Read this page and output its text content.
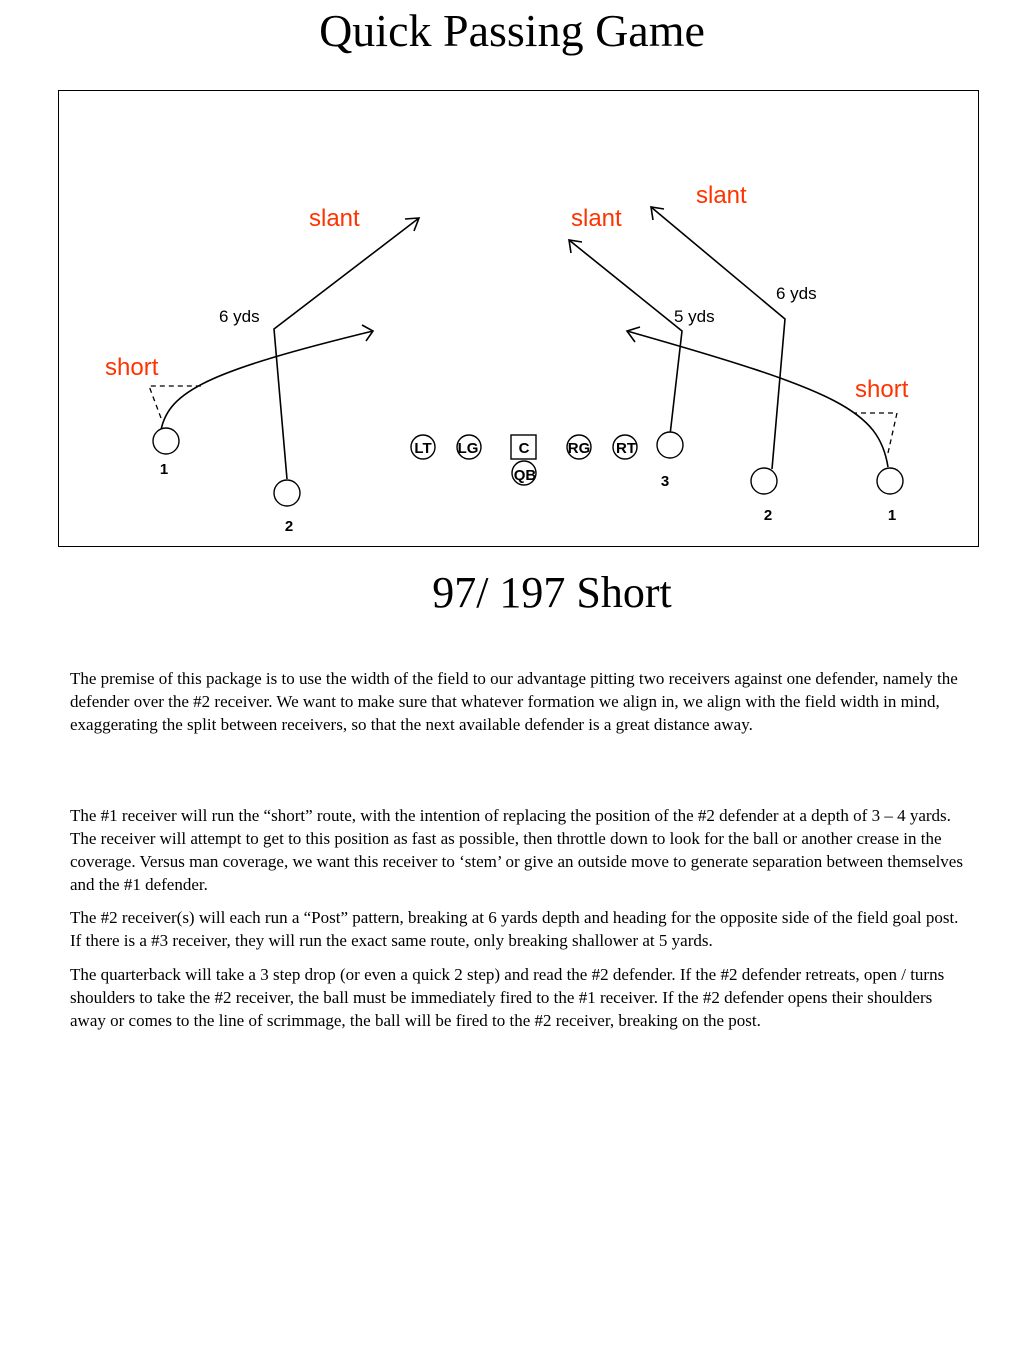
Quick Passing Game
LT LG	C	RG RT
QB
1
2
3
2	1
6 yds	5 yds
6 yds
slant	slant
slant
short
short
97/ 197 Short

The premise of this package is to use the width of the field to our advantage pitting two receivers against one defender, namely the defender over the #2 receiver. We want to make sure that whatever formation we align in, we align with the field width in mind, exaggerating the split between receivers, so that the next available defender is a great distance away.

The #1 receiver will run the “short” route, with the intention of replacing the position of the #2 defender at a depth of 3 – 4 yards. The receiver will attempt to get to this position as fast as possible, then throttle down to look for the ball or another crease in the coverage. Versus man coverage, we want this receiver to ‘stem’ or give an outside move to generate separation between themselves and the #1 defender.

The #2 receiver(s) will each run a “Post” pattern, breaking at 6 yards depth and heading for the opposite side of the field goal post. If there is a #3 receiver, they will run the exact same route, only breaking shallower at 5 yards.

The quarterback will take a 3 step drop (or even a quick 2 step) and read the #2 defender. If the #2 defender retreats, open / turns shoulders to take the #2 receiver, the ball must be immediately fired to the #1 receiver. If the #2 defender opens their shoulders away or comes to the line of scrimmage, the ball will be fired to the #2 receiver, breaking on the post.
